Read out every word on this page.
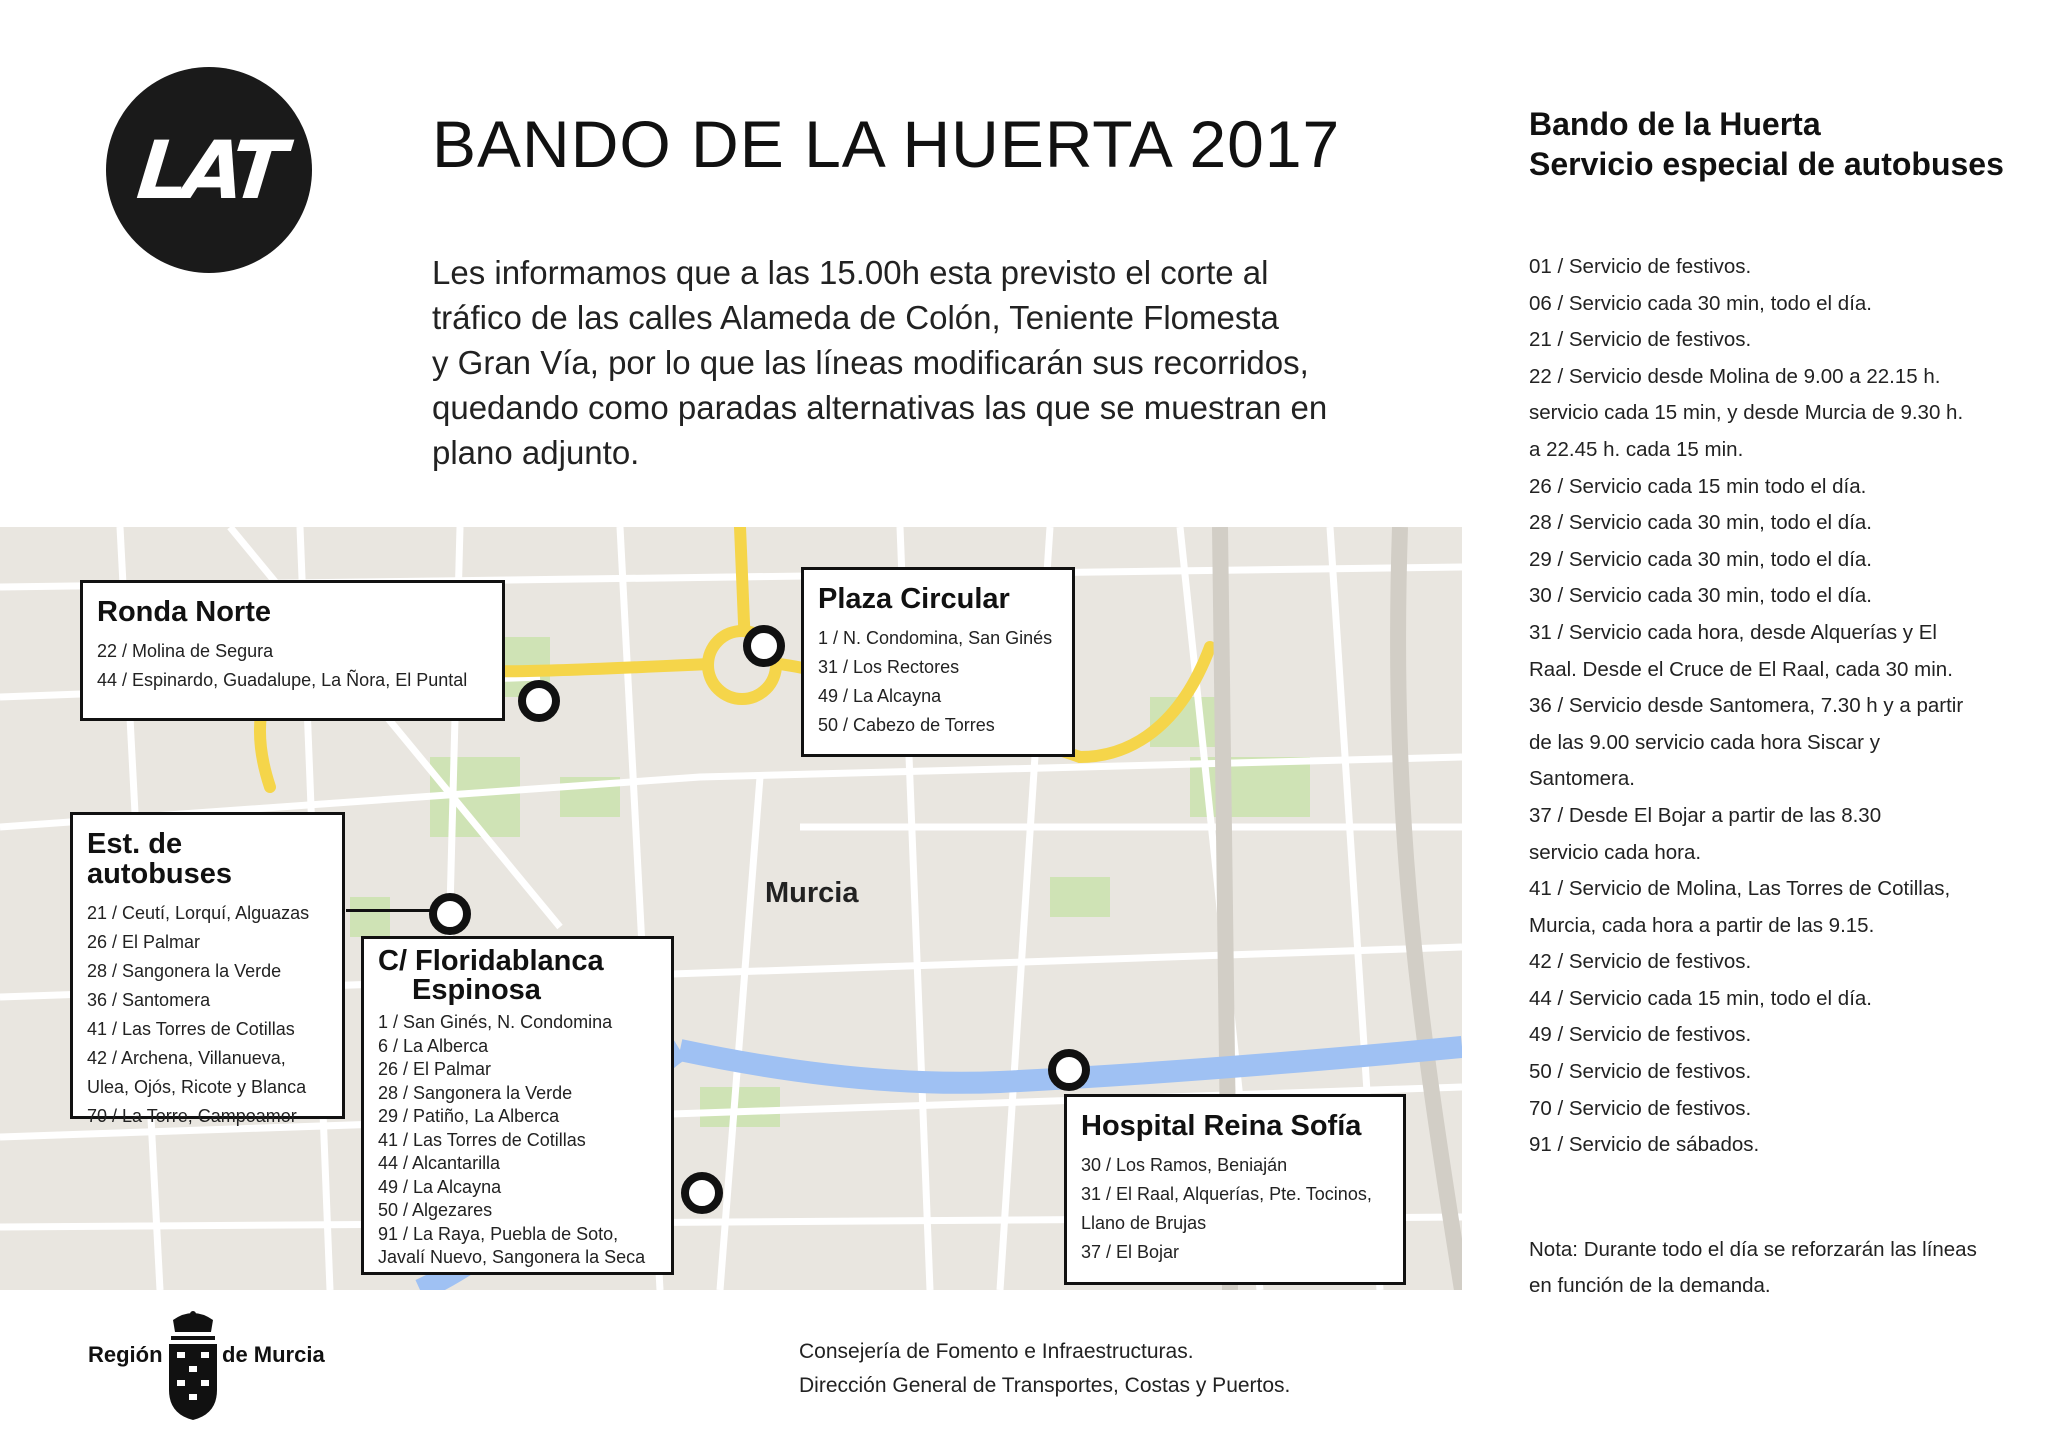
LAT BANDO DE LA HUERTA 2017
Les informamos que a las 15.00h esta previsto el corte al
tráfico de las calles Alameda de Colón, Teniente Flomesta
y Gran Vía, por lo que las líneas modificarán sus recorridos,
quedando como paradas alternativas las que se muestran en
plano adjunto.
Bando de la Huerta
Servicio especial de autobuses
01 / Servicio de festivos.
06 / Servicio cada 30 min, todo el día.
21 / Servicio de festivos.
22 / Servicio desde Molina de 9.00 a 22.15 h.
servicio cada 15 min, y desde Murcia de 9.30 h.
a 22.45 h. cada 15 min.
26 / Servicio cada 15 min todo el día.
28 / Servicio cada 30 min, todo el día.
29 / Servicio cada 30 min, todo el día.
30 / Servicio cada 30 min, todo el día.
31 / Servicio cada hora, desde Alquerías y El
Raal. Desde el Cruce de El Raal, cada 30 min.
36 / Servicio desde Santomera, 7.30 h y a partir
de las 9.00 servicio cada hora Siscar y
Santomera.
37 / Desde El Bojar a partir de las 8.30
servicio cada hora.
41 / Servicio de Molina, Las Torres de Cotillas,
Murcia, cada hora a partir de las 9.15.
42 / Servicio de festivos.
44 / Servicio cada 15 min, todo el día.
49 / Servicio de festivos.
50 / Servicio de festivos.
70 / Servicio de festivos.
91 / Servicio de sábados.
Nota: Durante todo el día se reforzarán las líneas
en función de la demanda.
Murcia
Ronda Norte
22 / Molina de Segura
44 / Espinardo, Guadalupe, La Ñora, El Puntal
Plaza Circular
1 / N. Condomina, San Ginés
31 / Los Rectores
49 / La Alcayna
50 / Cabezo de Torres
Est. de autobuses
21 / Ceutí, Lorquí, Alguazas
26 / El Palmar
28 / Sangonera la Verde
36 / Santomera
41 / Las Torres de Cotillas
42 / Archena, Villanueva,
Ulea, Ojós, Ricote y Blanca
70 / La Torre, Campoamor
C/ Floridablanca

Espinosa
1 / San Ginés, N. Condomina
6 / La Alberca
26 / El Palmar
28 / Sangonera la Verde
29 / Patiño, La Alberca
41 / Las Torres de Cotillas
44 / Alcantarilla
49 / La Alcayna
50 / Algezares
91 / La Raya, Puebla de Soto,
Javalí Nuevo, Sangonera la Seca
Hospital Reina Sofía
30 / Los Ramos, Beniaján
31 / El Raal, Alquerías, Pte. Tocinos,
Llano de Brujas
37 / El Bojar
Región	de Murcia	Consejería de Fomento e Infraestructuras.
Dirección General de Transportes, Costas y Puertos.
